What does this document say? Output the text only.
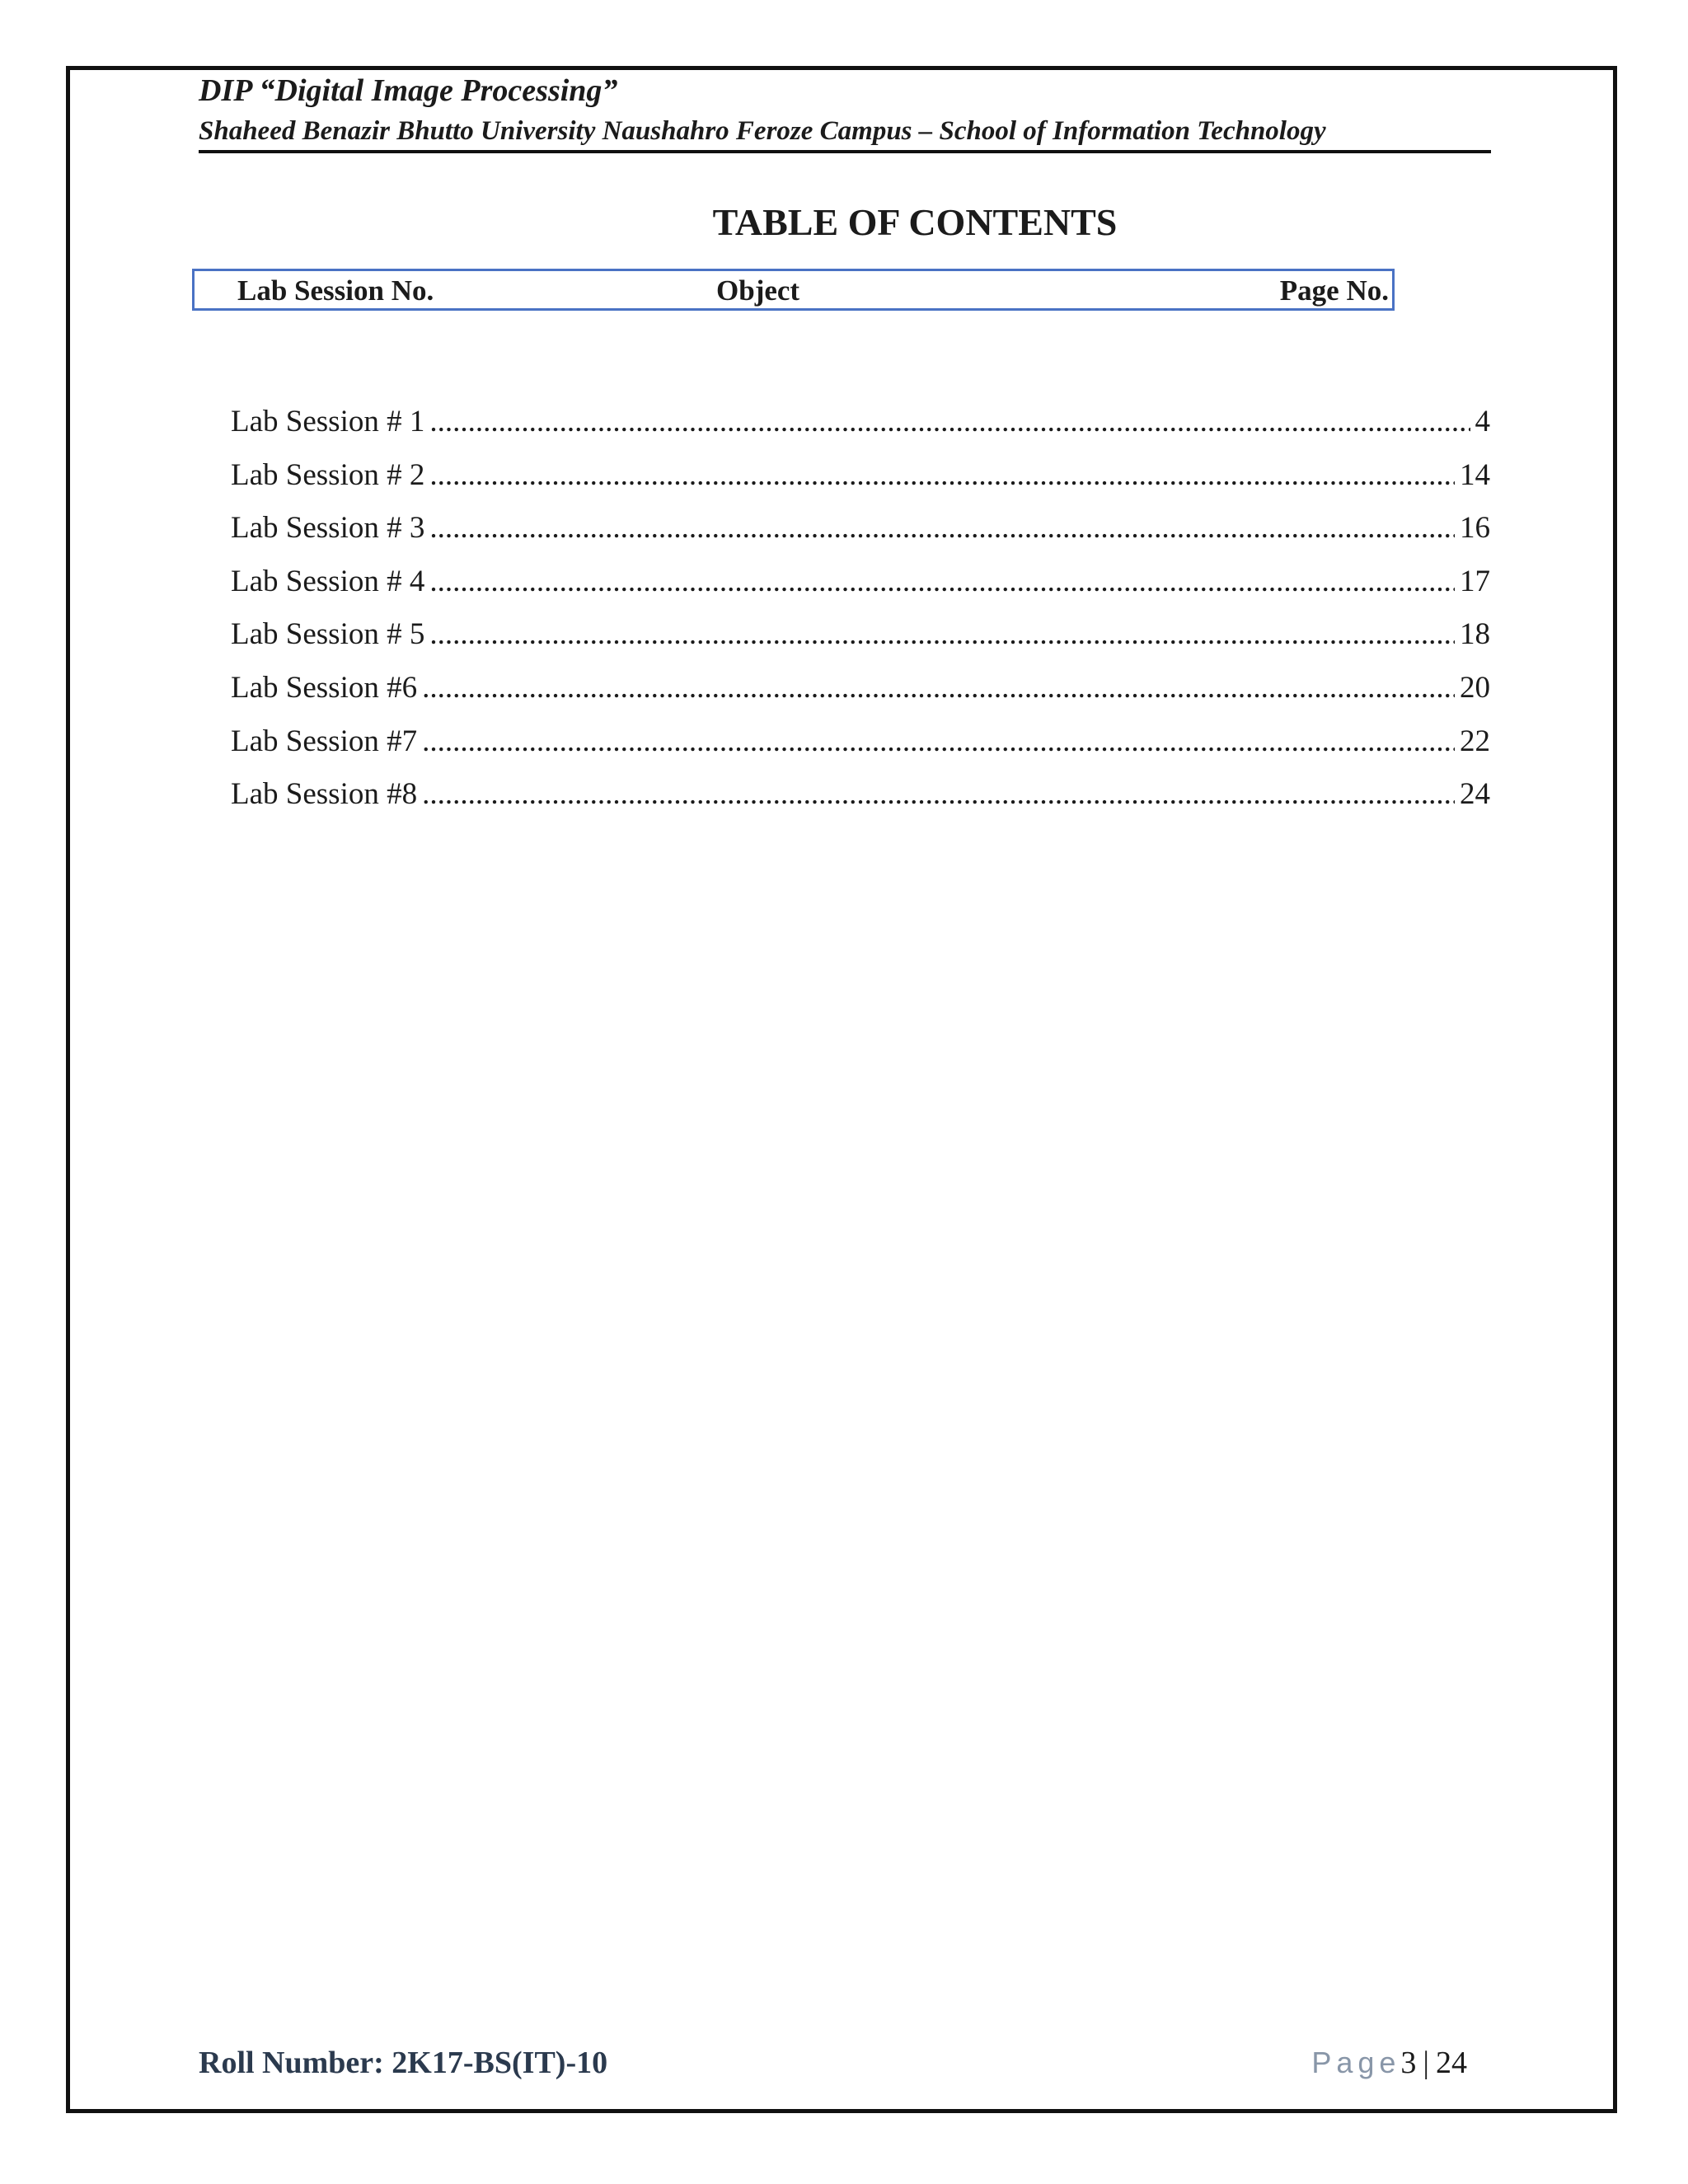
DIP “Digital Image Processing”
Shaheed Benazir Bhutto University Naushahro Feroze Campus – School of Information Technology
TABLE OF CONTENTS
Lab Session No.	Object	Page No.
Lab Session # 1 .....	4
Lab Session # 2 .....	14
Lab Session # 3 .....	16
Lab Session # 4 .....	17
Lab Session # 5 .....	18
Lab Session #6 .....	20
Lab Session #7 .....	22
Lab Session #8 .....	24
Roll Number: 2K17-BS(IT)-10	Page3 | 24
